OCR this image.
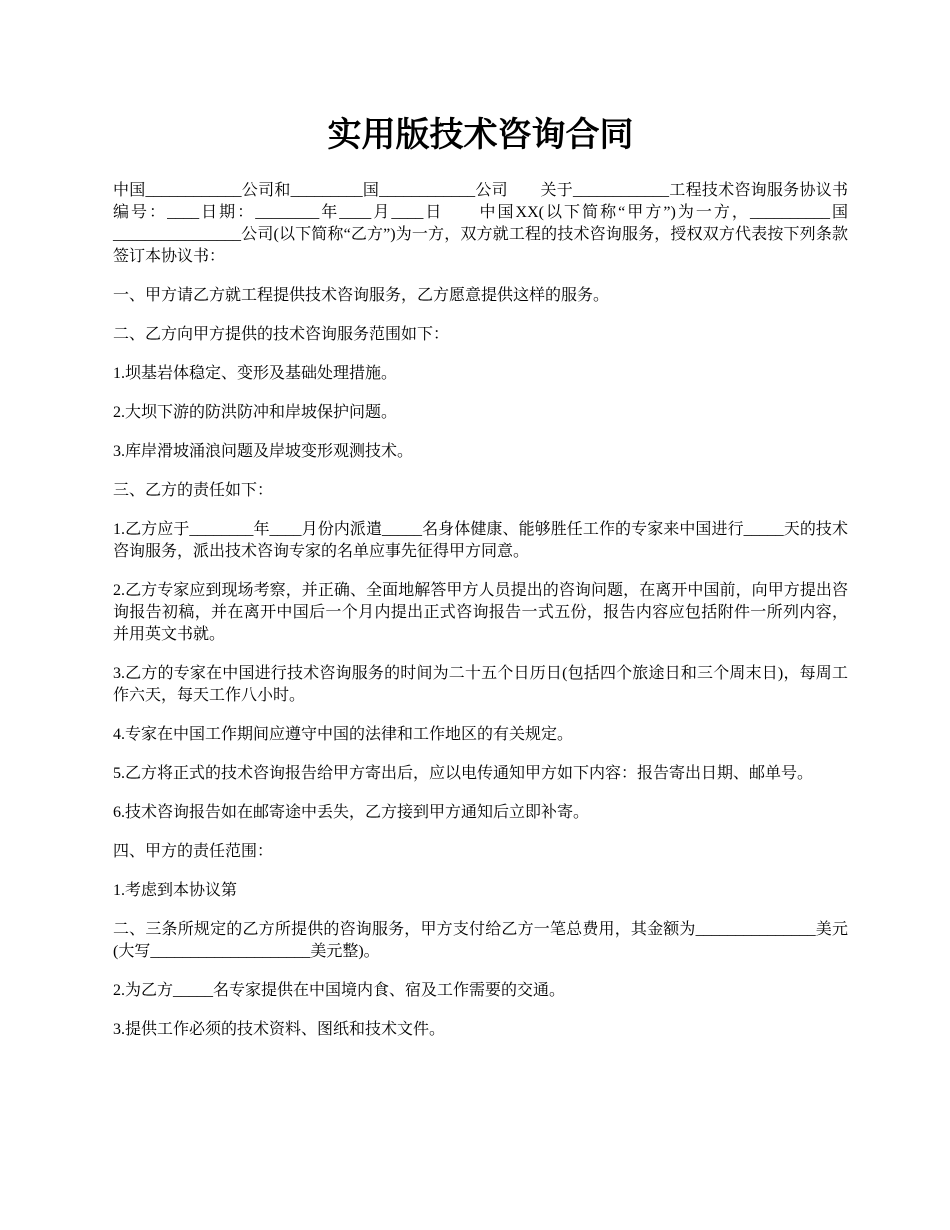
实用版技术咨询合同

中国____________公司和_________国____________公司　　关于____________工程技术咨询服务协议书　　编号：____日期：________年____月____日　　中国XX(以下简称“甲方”)为一方，__________国________________公司(以下简称“乙方”)为一方，双方就工程的技术咨询服务，授权双方代表按下列条款签订本协议书：

一、甲方请乙方就工程提供技术咨询服务，乙方愿意提供这样的服务。

二、乙方向甲方提供的技术咨询服务范围如下：

1.坝基岩体稳定、变形及基础处理措施。

2.大坝下游的防洪防冲和岸坡保护问题。

3.库岸滑坡涌浪问题及岸坡变形观测技术。

三、乙方的责任如下：

1.乙方应于________年____月份内派遣_____名身体健康、能够胜任工作的专家来中国进行_____天的技术咨询服务，派出技术咨询专家的名单应事先征得甲方同意。

2.乙方专家应到现场考察，并正确、全面地解答甲方人员提出的咨询问题，在离开中国前，向甲方提出咨询报告初稿，并在离开中国后一个月内提出正式咨询报告一式五份，报告内容应包括附件一所列内容，并用英文书就。

3.乙方的专家在中国进行技术咨询服务的时间为二十五个日历日(包括四个旅途日和三个周末日)，每周工作六天，每天工作八小时。

4.专家在中国工作期间应遵守中国的法律和工作地区的有关规定。

5.乙方将正式的技术咨询报告给甲方寄出后，应以电传通知甲方如下内容：报告寄出日期、邮单号。

6.技术咨询报告如在邮寄途中丢失，乙方接到甲方通知后立即补寄。

四、甲方的责任范围：

1.考虑到本协议第

二、三条所规定的乙方所提供的咨询服务，甲方支付给乙方一笔总费用，其金额为_______________美元(大写____________________美元整)。

2.为乙方_____名专家提供在中国境内食、宿及工作需要的交通。

3.提供工作必须的技术资料、图纸和技术文件。
